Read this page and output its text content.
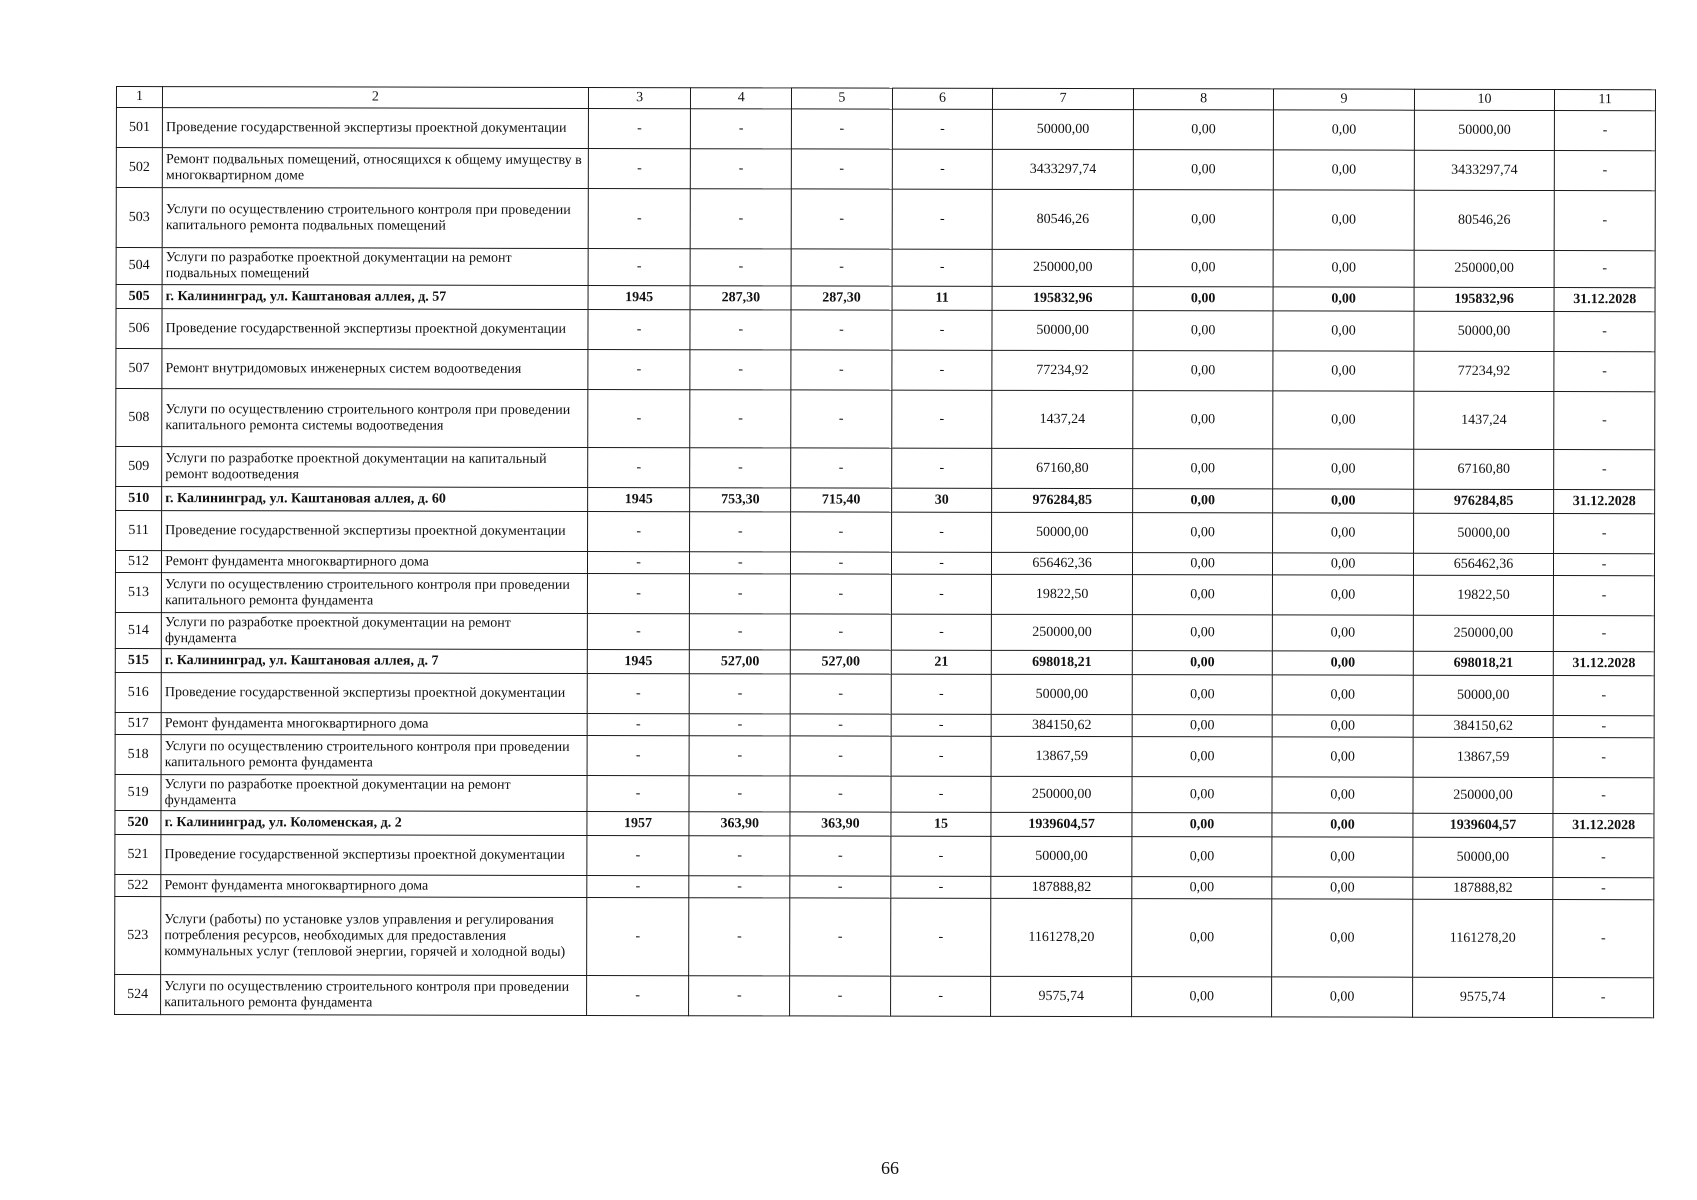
1	2	3	4	5	6	7	8	9	10	11
501	Проведение государственной экспертизы проектной документации	-	-	-	-	50000,00	0,00	0,00	50000,00	-
502	Ремонт подвальных помещений, относящихся к общему имуществу в многоквартирном доме	-	-	-	-	3433297,74	0,00	0,00	3433297,74	-
503	Услуги по осуществлению строительного контроля при проведении капитального ремонта подвальных помещений	-	-	-	-	80546,26	0,00	0,00	80546,26	-
504	Услуги по разработке проектной документации на ремонт подвальных помещений	-	-	-	-	250000,00	0,00	0,00	250000,00	-
505	г. Калининград, ул. Каштановая аллея, д. 57	1945	287,30	287,30	11	195832,96	0,00	0,00	195832,96	31.12.2028
506	Проведение государственной экспертизы проектной документации	-	-	-	-	50000,00	0,00	0,00	50000,00	-
507	Ремонт внутридомовых инженерных систем водоотведения	-	-	-	-	77234,92	0,00	0,00	77234,92	-
508	Услуги по осуществлению строительного контроля при проведении капитального ремонта системы водоотведения	-	-	-	-	1437,24	0,00	0,00	1437,24	-
509	Услуги по разработке проектной документации на капитальный ремонт водоотведения	-	-	-	-	67160,80	0,00	0,00	67160,80	-
510	г. Калининград, ул. Каштановая аллея, д. 60	1945	753,30	715,40	30	976284,85	0,00	0,00	976284,85	31.12.2028
511	Проведение государственной экспертизы проектной документации	-	-	-	-	50000,00	0,00	0,00	50000,00	-
512	Ремонт фундамента многоквартирного дома	-	-	-	-	656462,36	0,00	0,00	656462,36	-
513	Услуги по осуществлению строительного контроля при проведении капитального ремонта фундамента	-	-	-	-	19822,50	0,00	0,00	19822,50	-
514	Услуги по разработке проектной документации на ремонт фундамента	-	-	-	-	250000,00	0,00	0,00	250000,00	-
515	г. Калининград, ул. Каштановая аллея, д. 7	1945	527,00	527,00	21	698018,21	0,00	0,00	698018,21	31.12.2028
516	Проведение государственной экспертизы проектной документации	-	-	-	-	50000,00	0,00	0,00	50000,00	-
517	Ремонт фундамента многоквартирного дома	-	-	-	-	384150,62	0,00	0,00	384150,62	-
518	Услуги по осуществлению строительного контроля при проведении капитального ремонта фундамента	-	-	-	-	13867,59	0,00	0,00	13867,59	-
519	Услуги по разработке проектной документации на ремонт фундамента	-	-	-	-	250000,00	0,00	0,00	250000,00	-
520	г. Калининград, ул. Коломенская, д. 2	1957	363,90	363,90	15	1939604,57	0,00	0,00	1939604,57	31.12.2028
521	Проведение государственной экспертизы проектной документации	-	-	-	-	50000,00	0,00	0,00	50000,00	-
522	Ремонт фундамента многоквартирного дома	-	-	-	-	187888,82	0,00	0,00	187888,82	-
523	Услуги (работы) по установке узлов управления и регулирования потребления ресурсов, необходимых для предоставления коммунальных услуг (тепловой энергии, горячей и холодной воды)	-	-	-	-	1161278,20	0,00	0,00	1161278,20	-
524	Услуги по осуществлению строительного контроля при проведении капитального ремонта фундамента	-	-	-	-	9575,74	0,00	0,00	9575,74	-
66
